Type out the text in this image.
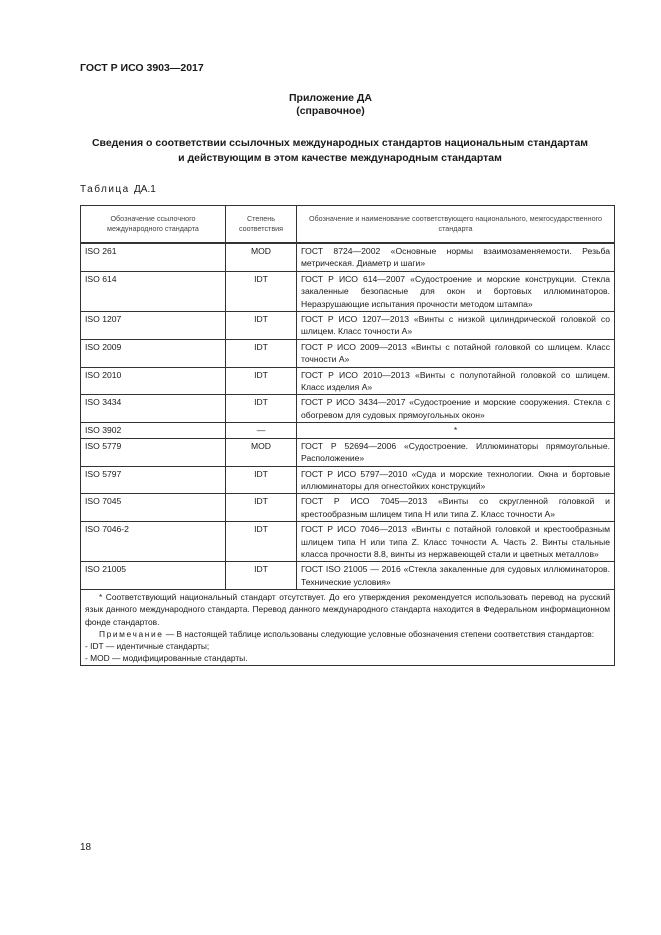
ГОСТ Р ИСО 3903—2017
Приложение ДА
(справочное)
Сведения о соответствии ссылочных международных стандартов национальным стандартам
и действующим в этом качестве международным стандартам
Таблица ДА.1
Обозначение ссылочного международного стандарта	Степень соответствия	Обозначение и наименование соответствующего национального, межгосударственного стандарта
ISO 261	MOD	ГОСТ 8724—2002 «Основные нормы взаимозаменяемости. Резьба метрическая. Диаметр и шаги»
ISO 614	IDT	ГОСТ Р ИСО 614—2007 «Судостроение и морские конструкции. Стекла закаленные безопасные для окон и бортовых иллюминаторов. Неразрушающие испытания прочности методом штампа»
ISO 1207	IDT	ГОСТ Р ИСО 1207—2013 «Винты с низкой цилиндрической головкой со шлицем. Класс точности А»
ISO 2009	IDT	ГОСТ Р ИСО 2009—2013 «Винты с потайной головкой со шлицем. Класс точности А»
ISO 2010	IDT	ГОСТ Р ИСО 2010—2013 «Винты с полупотайной головкой со шлицем. Класс изделия А»
ISO 3434	IDT	ГОСТ Р ИСО 3434—2017 «Судостроение и морские сооружения. Стекла с обогревом для судовых прямоугольных окон»
ISO 3902	—	*
ISO 5779	MOD	ГОСТ Р 52694—2006 «Судостроение. Иллюминаторы прямоугольные. Расположение»
ISO 5797	IDT	ГОСТ Р ИСО 5797—2010 «Суда и морские технологии. Окна и бортовые иллюминаторы для огнестойких конструкций»
ISO 7045	IDT	ГОСТ Р ИСО 7045—2013 «Винты со скругленной головкой и крестообразным шлицем типа H или типа Z. Класс точности А»
ISO 7046-2	IDT	ГОСТ Р ИСО 7046—2013 «Винты с потайной головкой и крестообразным шлицем типа H или типа Z. Класс точности А. Часть 2. Винты стальные класса прочности 8.8, винты из нержавеющей стали и цветных металлов»
ISO 21005	IDT	ГОСТ ISO 21005 — 2016 «Стекла закаленные для судовых иллюминаторов. Технические условия»

* Соответствующий национальный стандарт отсутствует. До его утверждения рекомендуется использовать перевод на русский язык данного международного стандарта. Перевод данного международного стандарта находится в Федеральном информационном фонде стандартов.

Примечание — В настоящей таблице использованы следующие условные обозначения степени соответствия стандартов:

- IDT — идентичные стандарты;

- MOD — модифицированные стандарты.		

18
